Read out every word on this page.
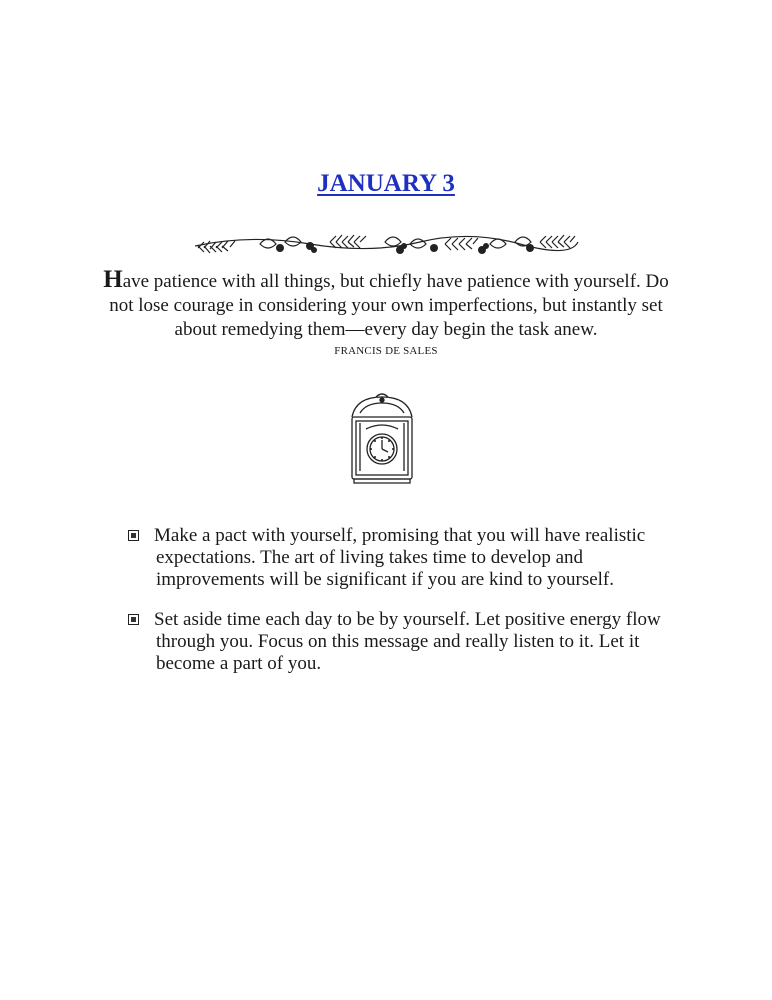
JANUARY 3
Have patience with all things, but chiefly have patience with yourself. Do not lose courage in considering your own imperfections, but instantly set about remedying them—every day begin the task anew.
FRANCIS DE SALES
Make a pact with yourself, promising that you will have realistic expectations. The art of living takes time to develop and improvements will be significant if you are kind to yourself.
Set aside time each day to be by yourself. Let positive energy flow through you. Focus on this message and really listen to it. Let it become a part of you.
